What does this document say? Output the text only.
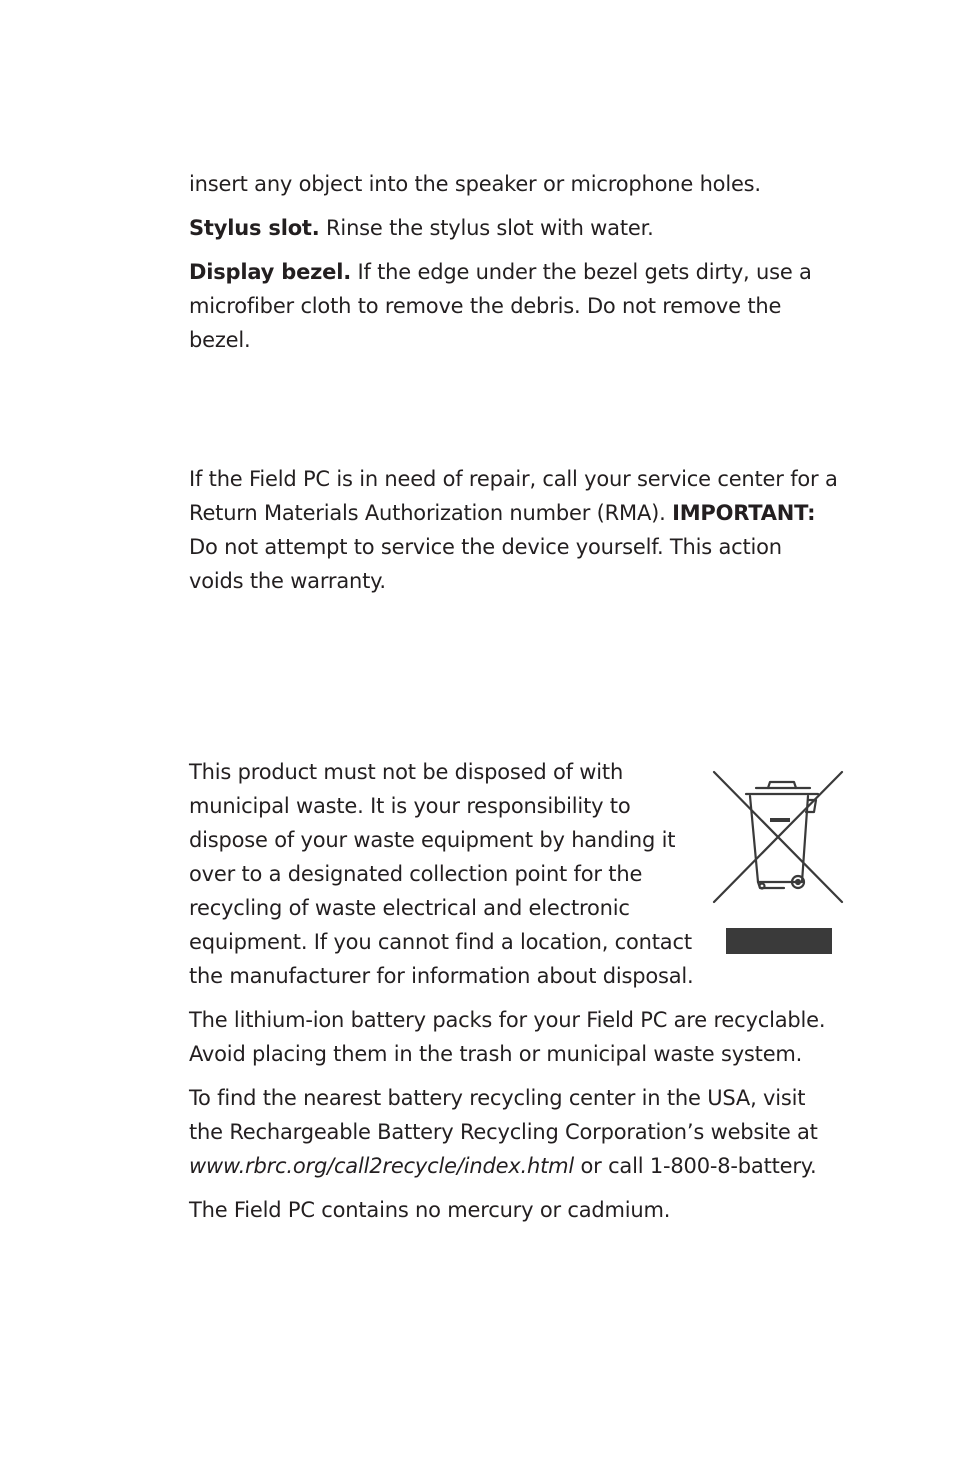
insert any object into the speaker or microphone holes.

Stylus slot. Rinse the stylus slot with water.

Display bezel. If the edge under the bezel gets dirty, use a

microfiber cloth to remove the debris. Do not remove the

bezel.

If the Field PC is in need of repair, call your service center for a

Return Materials Authorization number (RMA). IMPORTANT:

Do not attempt to service the device yourself. This action

voids the warranty.

This product must not be disposed of with

municipal waste. It is your responsibility to

dispose of your waste equipment by handing it

over to a designated collection point for the

recycling of waste electrical and electronic

equipment. If you cannot find a location, contact

the manufacturer for information about disposal.

The lithium-ion battery packs for your Field PC are recyclable.

Avoid placing them in the trash or municipal waste system.

To find the nearest battery recycling center in the USA, visit

the Rechargeable Battery Recycling Corporation’s website at

www.rbrc.org/call2recycle/index.html or call 1-800-8-battery.

The Field PC contains no mercury or cadmium.
